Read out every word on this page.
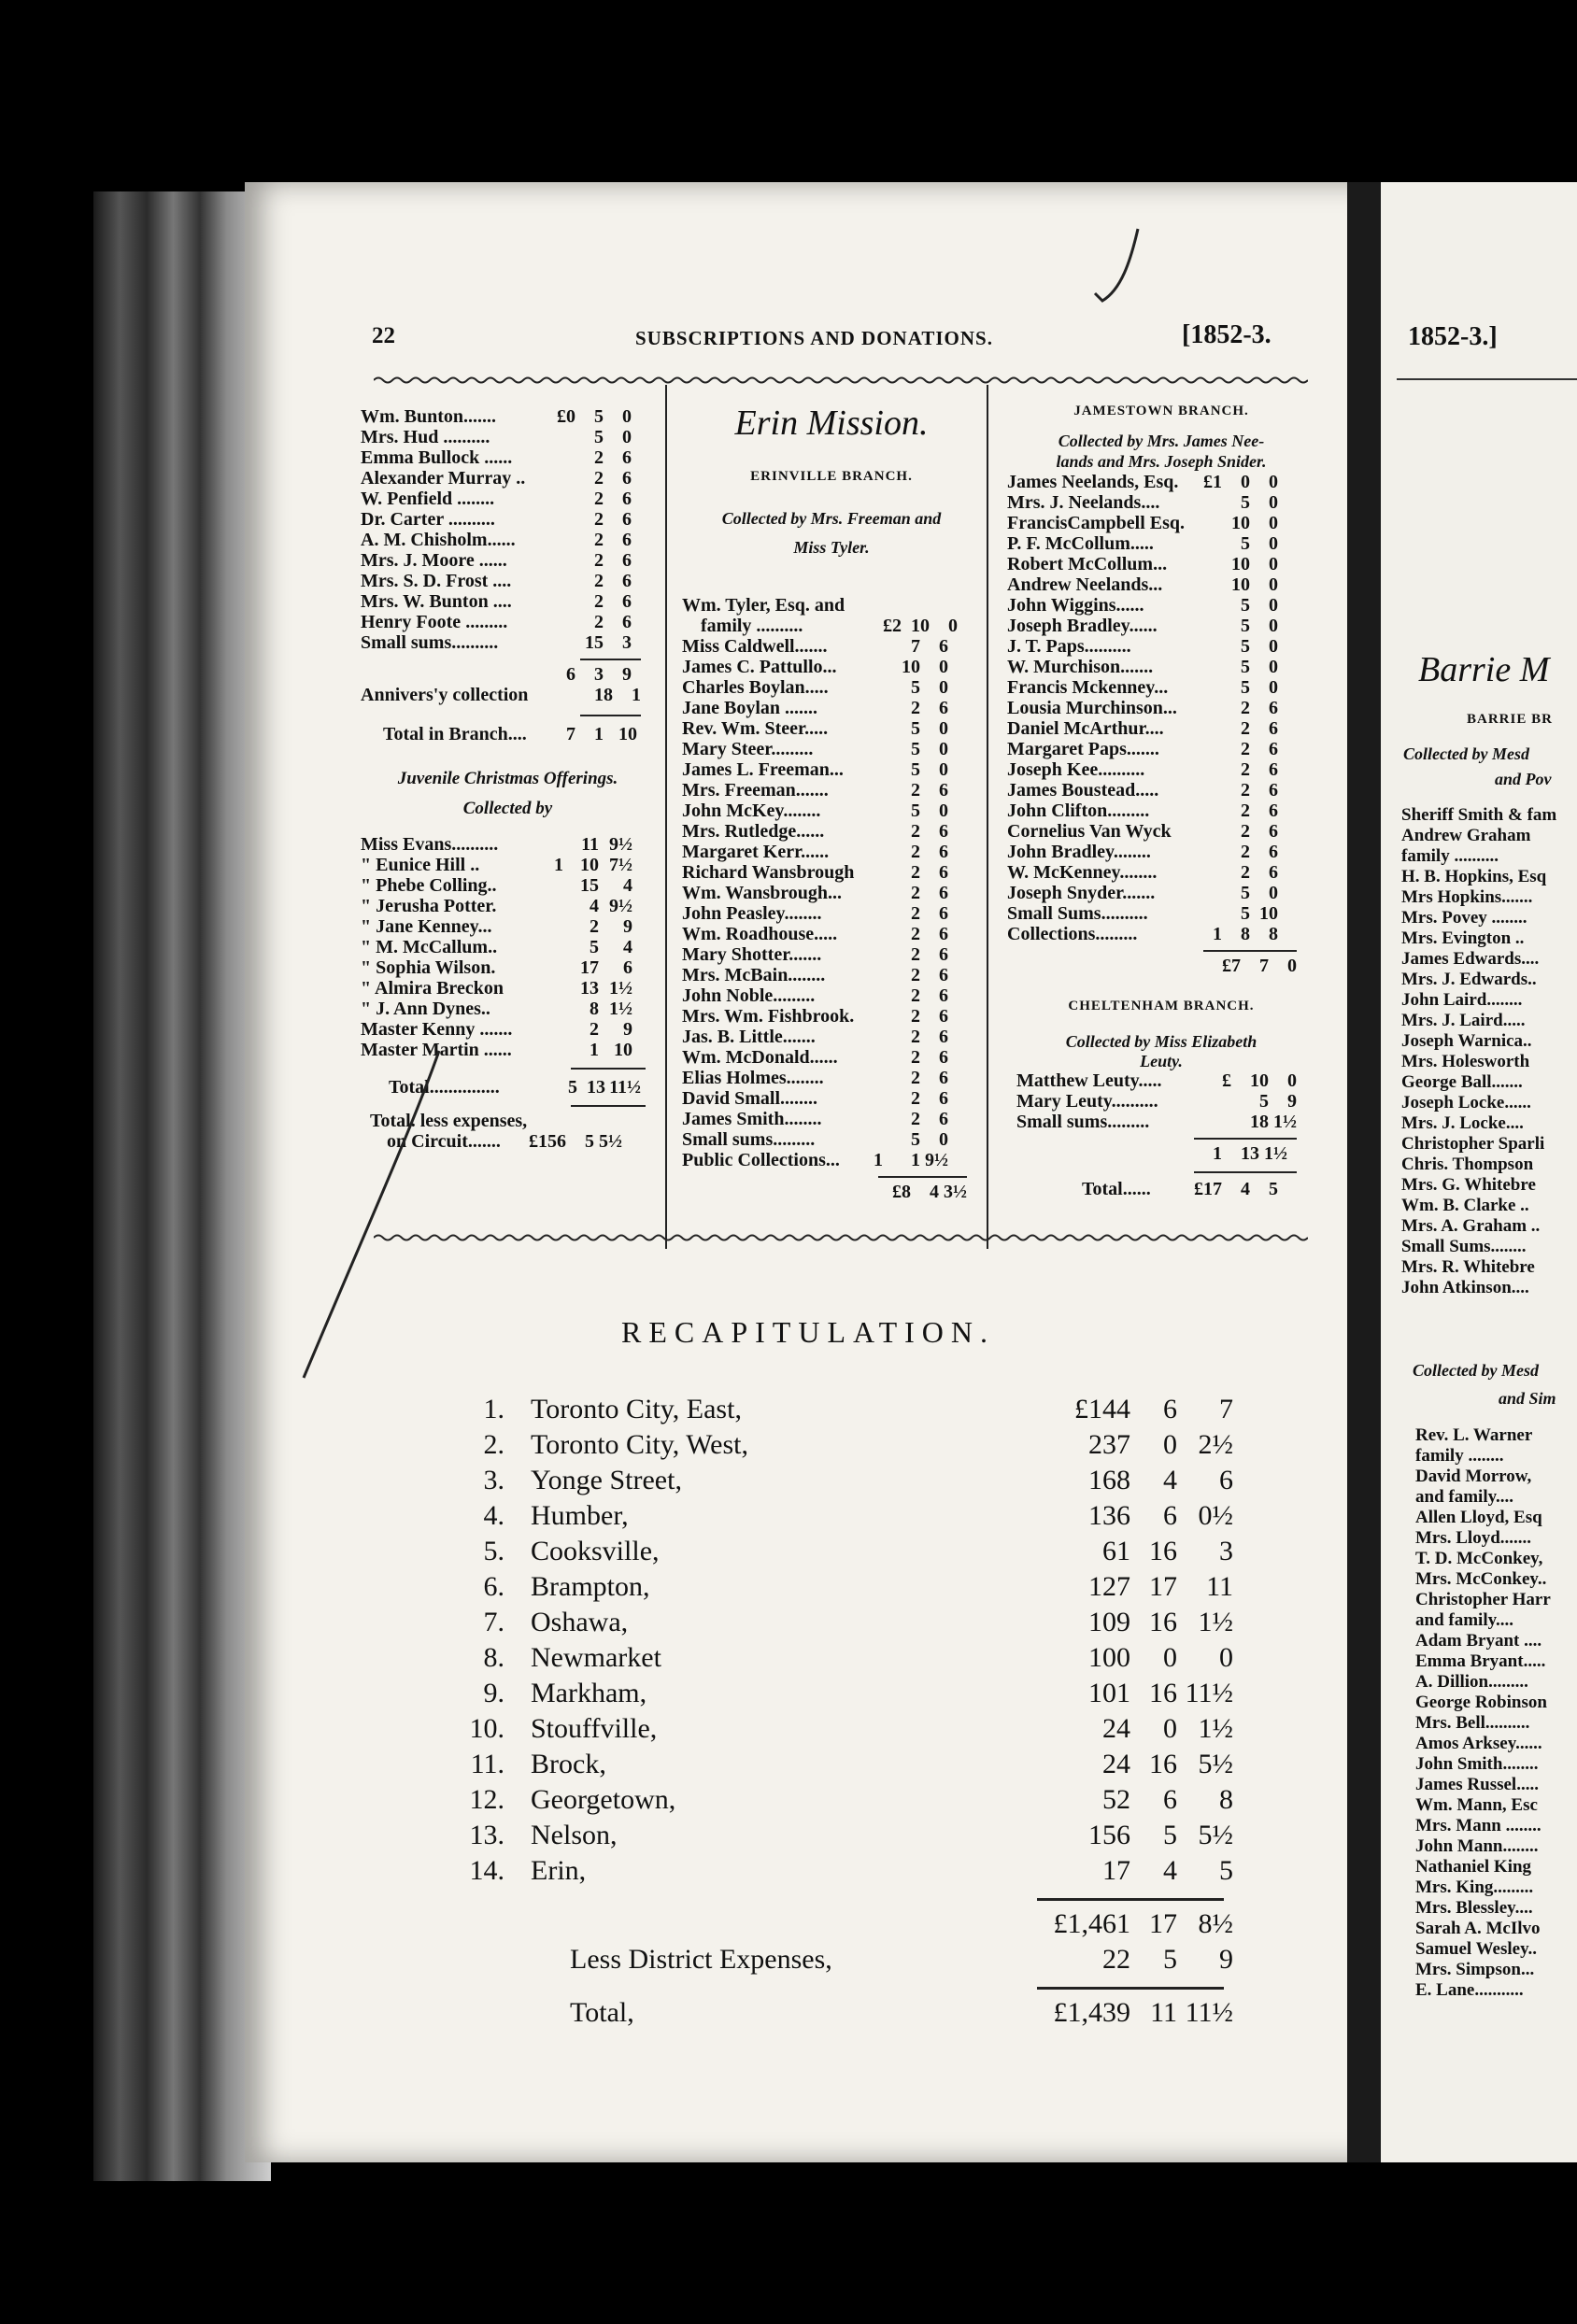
22	SUBSCRIPTIONS AND DONATIONS.	[1852-3.
Wm. Bunton.......	£0	5	0
Mrs. Hud ..........	5	0
Emma Bullock ......	2	6
Alexander Murray ..	2	6
W. Penfield ........	2	6
Dr. Carter ..........	2	6
A. M. Chisholm......	2	6
Mrs. J. Moore ......	2	6
Mrs. S. D. Frost ....	2	6
Mrs. W. Bunton ....	2	6
Henry Foote .........	2	6
Small sums..........	15	3
6	3	9
Annivers'y collection	18	1
Total in Branch....	7	1 10
Juvenile Christmas Offerings.
Collected by
Miss Evans..........	11 9½
" Eunice Hill ..	1 10 7½
" Phebe Colling..	15	4
" Jerusha Potter.	4 9½
" Jane Kenney...	2	9
" M. McCallum..	5	4
" Sophia Wilson.	17	6
" Almira Breckon	13 1½
" J. Ann Dynes..	8 1½
Master Kenny .......	2	9
Master Martin ......	1 10
Total...............	5 13 11½
Total. less expenses,
on Circuit.......	£156	5 5½
Erin Mission.
ERINVILLE BRANCH.
Collected by Mrs. Freeman and
Miss Tyler.
Wm. Tyler, Esq. and
family ..........	£2 10	0
Miss Caldwell.......	7	6
James C. Pattullo...	10	0
Charles Boylan.....	5	0
Jane Boylan .......	2	6
Rev. Wm. Steer.....	5	0
Mary Steer.........	5	0
James L. Freeman...	5	0
Mrs. Freeman.......	2	6
John McKey........	5	0
Mrs. Rutledge......	2	6
Margaret Kerr......	2	6
Richard Wansbrough	2	6
Wm. Wansbrough...	2	6
John Peasley........	2	6
Wm. Roadhouse.....	2	6
Mary Shotter.......	2	6
Mrs. McBain........	2	6
John Noble.........	2	6
Mrs. Wm. Fishbrook.	2	6
Jas. B. Little.......	2	6
Wm. McDonald......	2	6
Elias Holmes........	2	6
David Small........	2	6
James Smith........	2	6
Small sums.........	5	0
Public Collections...	1	1 9½
£8	4 3½
JAMESTOWN BRANCH.
Collected by Mrs. James Nee-
lands and Mrs. Joseph Snider.
James Neelands, Esq.	£1	0	0
Mrs. J. Neelands....	5	0
FrancisCampbell Esq.	10	0
P. F. McCollum.....	5	0
Robert McCollum...	10	0
Andrew Neelands...	10	0
John Wiggins......	5	0
Joseph Bradley......	5	0
J. T. Paps..........	5	0
W. Murchison.......	5	0
Francis Mckenney...	5	0
Lousia Murchinson...	2	6
Daniel McArthur....	2	6
Margaret Paps.......	2	6
Joseph Kee..........	2	6
James Boustead.....	2	6
John Clifton.........	2	6
Cornelius Van Wyck	2	6
John Bradley........	2	6
W. McKenney........	2	6
Joseph Snyder.......	5	0
Small Sums..........	5 10
Collections.........	1	8	8
£7	7	0
CHELTENHAM BRANCH.
Collected by Miss Elizabeth
Leuty.
Matthew Leuty.....	£	10	0
Mary Leuty..........	5	9
Small sums.........	18 1½
1	13 1½
Total......	£17	4	5
RECAPITULATION.
1. Toronto City, East,	£144	6	7
2. Toronto City, West,	237	0 2½
3. Yonge Street,	168	4	6
4. Humber,	136	6 0½
5. Cooksville,	61 16	3
6. Brampton,	127 17	11
7. Oshawa,	109 16 1½
8. Newmarket	100	0	0
9. Markham,	101 16 11½
10. Stouffville,	24	0 1½
11. Brock,	24 16 5½
12. Georgetown,	52	6	8
13. Nelson,	156	5 5½
14. Erin,	17	4	5
£1,461 17 8½
Less District Expenses,	22	5	9
Total,	£1,439 11 11½
1852-3.]
Barrie M
BARRIE BR
Collected by Mesd
and Pov
Sheriff Smith & fam
Andrew Graham
family ..........
H. B. Hopkins, Esq
Mrs Hopkins.......
Mrs. Povey ........
Mrs. Evington ..
James Edwards....
Mrs. J. Edwards..
John Laird........
Mrs. J. Laird.....
Joseph Warnica..
Mrs. Holesworth
George Ball.......
Joseph Locke......
Mrs. J. Locke....
Christopher Sparli
Chris. Thompson
Mrs. G. Whitebre
Wm. B. Clarke ..
Mrs. A. Graham ..
Small Sums........
Mrs. R. Whitebre
John Atkinson....
Collected by Mesd
and Sim
Rev. L. Warner
family ........
David Morrow,
and family....
Allen Lloyd, Esq
Mrs. Lloyd.......
T. D. McConkey,
Mrs. McConkey..
Christopher Harr
and family....
Adam Bryant ....
Emma Bryant.....
A. Dillion.........
George Robinson
Mrs. Bell..........
Amos Arksey......
John Smith........
James Russel.....
Wm. Mann, Esc
Mrs. Mann ........
John Mann........
Nathaniel King
Mrs. King.........
Mrs. Blessley....
Sarah A. McIlvo
Samuel Wesley..
Mrs. Simpson...
E. Lane...........
